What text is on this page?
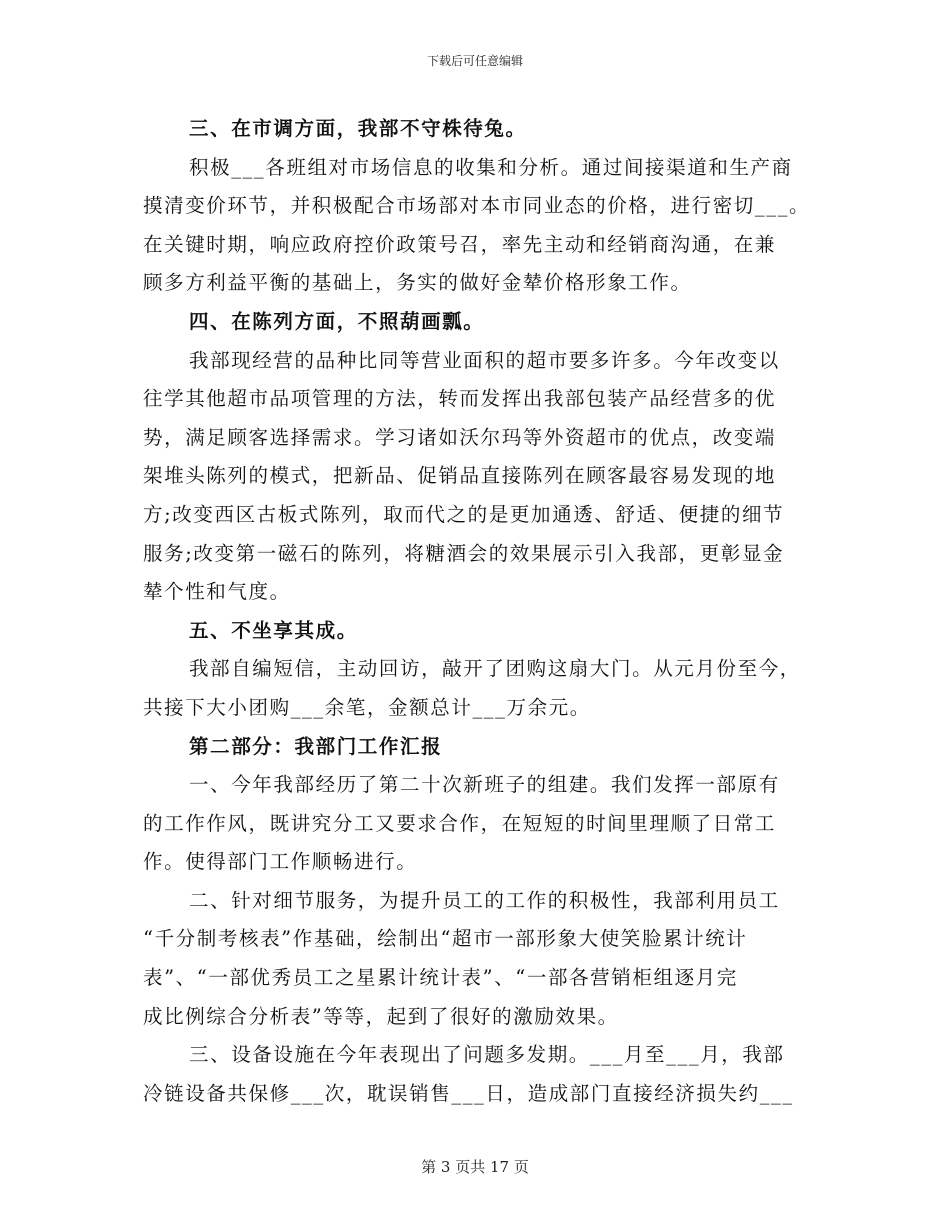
下载后可任意编辑
三、在市调方面，我部不守株待兔。
积极___各班组对市场信息的收集和分析。通过间接渠道和生产商
摸清变价环节，并积极配合市场部对本市同业态的价格，进行密切___。
在关键时期，响应政府控价政策号召，率先主动和经销商沟通，在兼
顾多方利益平衡的基础上，务实的做好金辇价格形象工作。
四、在陈列方面，不照葫画瓢。
我部现经营的品种比同等营业面积的超市要多许多。今年改变以
往学其他超市品项管理的方法，转而发挥出我部包装产品经营多的优
势，满足顾客选择需求。学习诸如沃尔玛等外资超市的优点，改变端
架堆头陈列的模式，把新品、促销品直接陈列在顾客最容易发现的地
方;改变西区古板式陈列，取而代之的是更加通透、舒适、便捷的细节
服务;改变第一磁石的陈列，将糖酒会的效果展示引入我部，更彰显金
辇个性和气度。
五、不坐享其成。
我部自编短信，主动回访，敲开了团购这扇大门。从元月份至今，
共接下大小团购___余笔，金额总计___万余元。
第二部分：我部门工作汇报
一、今年我部经历了第二十次新班子的组建。我们发挥一部原有
的工作作风，既讲究分工又要求合作，在短短的时间里理顺了日常工
作。使得部门工作顺畅进行。
二、针对细节服务，为提升员工的工作的积极性，我部利用员工
“千分制考核表”作基础，绘制出“超市一部形象大使笑脸累计统计
表”、“一部优秀员工之星累计统计表”、“一部各营销柜组逐月完
成比例综合分析表”等等，起到了很好的激励效果。
三、设备设施在今年表现出了问题多发期。___月至___月，我部
冷链设备共保修___次，耽误销售___日，造成部门直接经济损失约___
第 3 页共 17 页
